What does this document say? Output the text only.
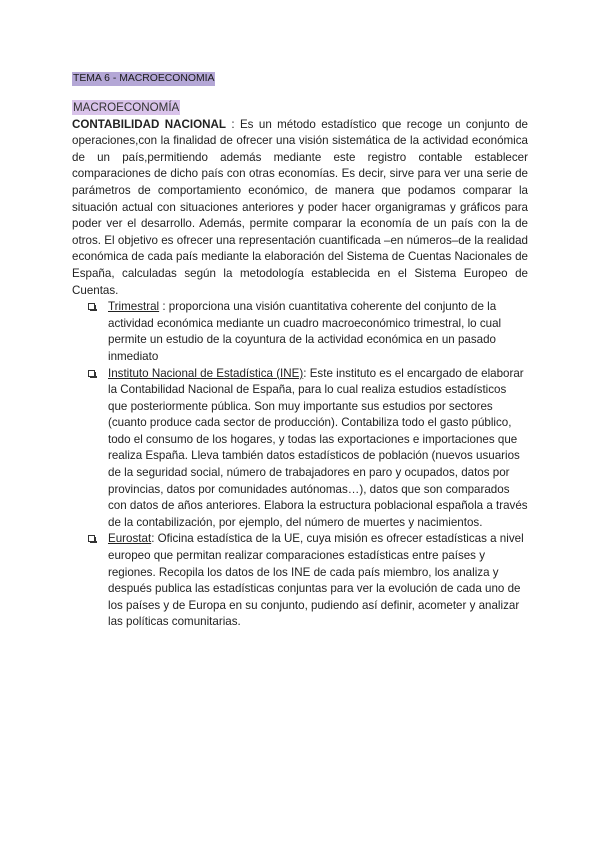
TEMA 6 - MACROECONOMIA
MACROECONOMÍA

CONTABILIDAD NACIONAL : Es un método estadístico que recoge un conjunto de operaciones,con la finalidad de ofrecer una visión sistemática de la actividad económica de un país,permitiendo además mediante este registro contable establecer comparaciones de dicho país con otras economías. Es decir, sirve para ver una serie de parámetros de comportamiento económico, de manera que podamos comparar la situación actual con situaciones anteriores y poder hacer organigramas y gráficos para poder ver el desarrollo. Además, permite comparar la economía de un país con la de otros. El objetivo es ofrecer una representación cuantificada –en números–de la realidad económica de cada país mediante la elaboración del Sistema de Cuentas Nacionales de España, calculadas según la metodología establecida en el Sistema Europeo de Cuentas.

Trimestral : proporciona una visión cuantitativa coherente del conjunto de la actividad económica mediante un cuadro macroeconómico trimestral, lo cual permite un estudio de la coyuntura de la actividad económica en un pasado inmediato
Instituto Nacional de Estadística (INE): Este instituto es el encargado de elaborar la Contabilidad Nacional de España, para lo cual realiza estudios estadísticos que posteriormente pública. Son muy importante sus estudios por sectores (cuanto produce cada sector de producción). Contabiliza todo el gasto público, todo el consumo de los hogares, y todas las exportaciones e importaciones que realiza España. Lleva también datos estadísticos de población (nuevos usuarios de la seguridad social, número de trabajadores en paro y ocupados, datos por provincias, datos por comunidades autónomas…), datos que son comparados con datos de años anteriores. Elabora la estructura poblacional española a través de la contabilización, por ejemplo, del número de muertes y nacimientos.
Eurostat: Oficina estadística de la UE, cuya misión es ofrecer estadísticas a nivel europeo que permitan realizar comparaciones estadísticas entre países y regiones. Recopila los datos de los INE de cada país miembro, los analiza y después publica las estadísticas conjuntas para ver la evolución de cada uno de los países y de Europa en su conjunto, pudiendo así definir, acometer y analizar las políticas comunitarias.
